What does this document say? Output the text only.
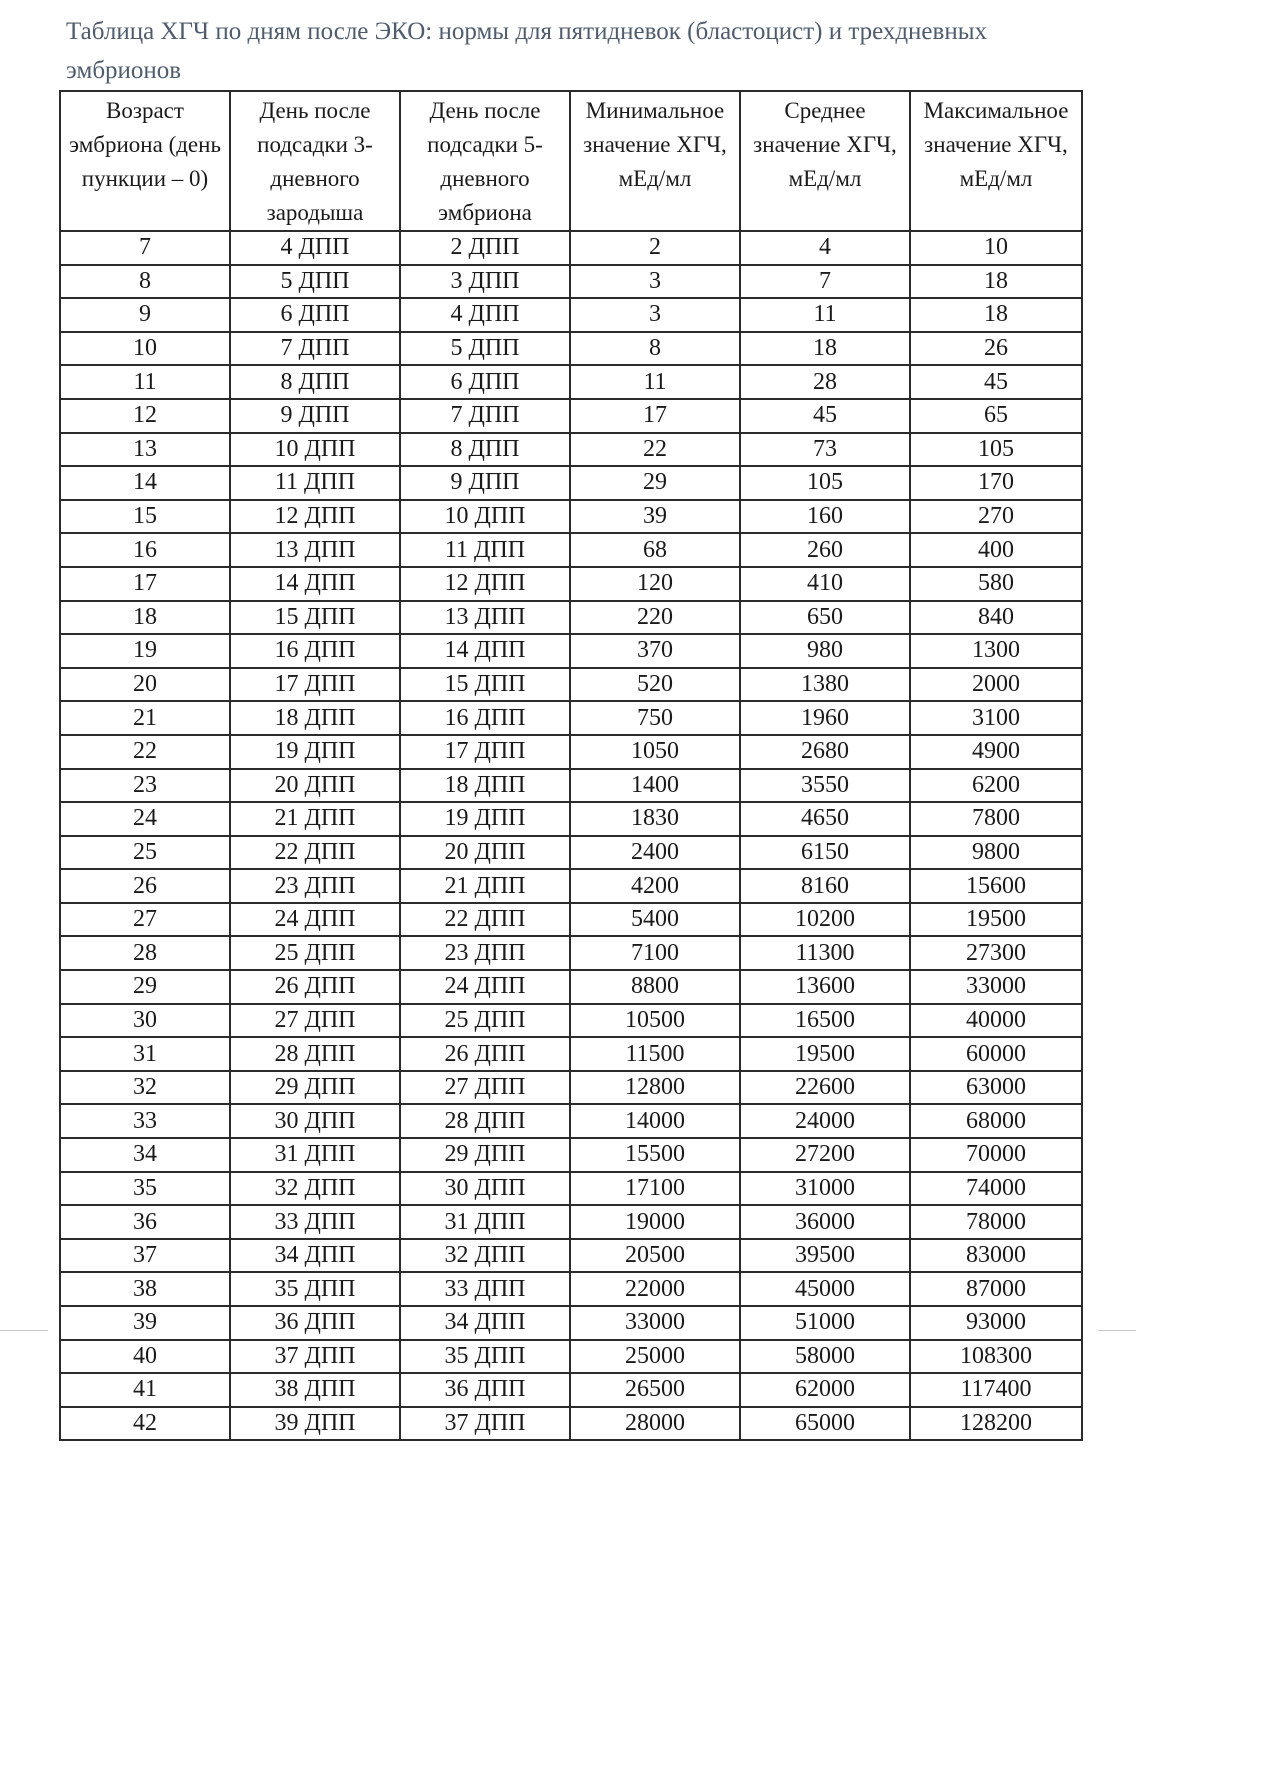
Таблица ХГЧ по дням после ЭКО: нормы для пятидневок (бластоцист) и трехдневных эмбрионов
Возраст эмбриона (день пункции – 0)	День после подсадки 3-дневного зародыша	День после подсадки 5-дневного эмбриона	Минимальное значение ХГЧ, мЕд/мл	Среднее значение ХГЧ, мЕд/мл	Максимальное значение ХГЧ, мЕд/мл
7	4 ДПП	2 ДПП	2	4	10
8	5 ДПП	3 ДПП	3	7	18
9	6 ДПП	4 ДПП	3	11	18
10	7 ДПП	5 ДПП	8	18	26
11	8 ДПП	6 ДПП	11	28	45
12	9 ДПП	7 ДПП	17	45	65
13	10 ДПП	8 ДПП	22	73	105
14	11 ДПП	9 ДПП	29	105	170
15	12 ДПП	10 ДПП	39	160	270
16	13 ДПП	11 ДПП	68	260	400
17	14 ДПП	12 ДПП	120	410	580
18	15 ДПП	13 ДПП	220	650	840
19	16 ДПП	14 ДПП	370	980	1300
20	17 ДПП	15 ДПП	520	1380	2000
21	18 ДПП	16 ДПП	750	1960	3100
22	19 ДПП	17 ДПП	1050	2680	4900
23	20 ДПП	18 ДПП	1400	3550	6200
24	21 ДПП	19 ДПП	1830	4650	7800
25	22 ДПП	20 ДПП	2400	6150	9800
26	23 ДПП	21 ДПП	4200	8160	15600
27	24 ДПП	22 ДПП	5400	10200	19500
28	25 ДПП	23 ДПП	7100	11300	27300
29	26 ДПП	24 ДПП	8800	13600	33000
30	27 ДПП	25 ДПП	10500	16500	40000
31	28 ДПП	26 ДПП	11500	19500	60000
32	29 ДПП	27 ДПП	12800	22600	63000
33	30 ДПП	28 ДПП	14000	24000	68000
34	31 ДПП	29 ДПП	15500	27200	70000
35	32 ДПП	30 ДПП	17100	31000	74000
36	33 ДПП	31 ДПП	19000	36000	78000
37	34 ДПП	32 ДПП	20500	39500	83000
38	35 ДПП	33 ДПП	22000	45000	87000
39	36 ДПП	34 ДПП	33000	51000	93000
40	37 ДПП	35 ДПП	25000	58000	108300
41	38 ДПП	36 ДПП	26500	62000	117400
42	39 ДПП	37 ДПП	28000	65000	128200
